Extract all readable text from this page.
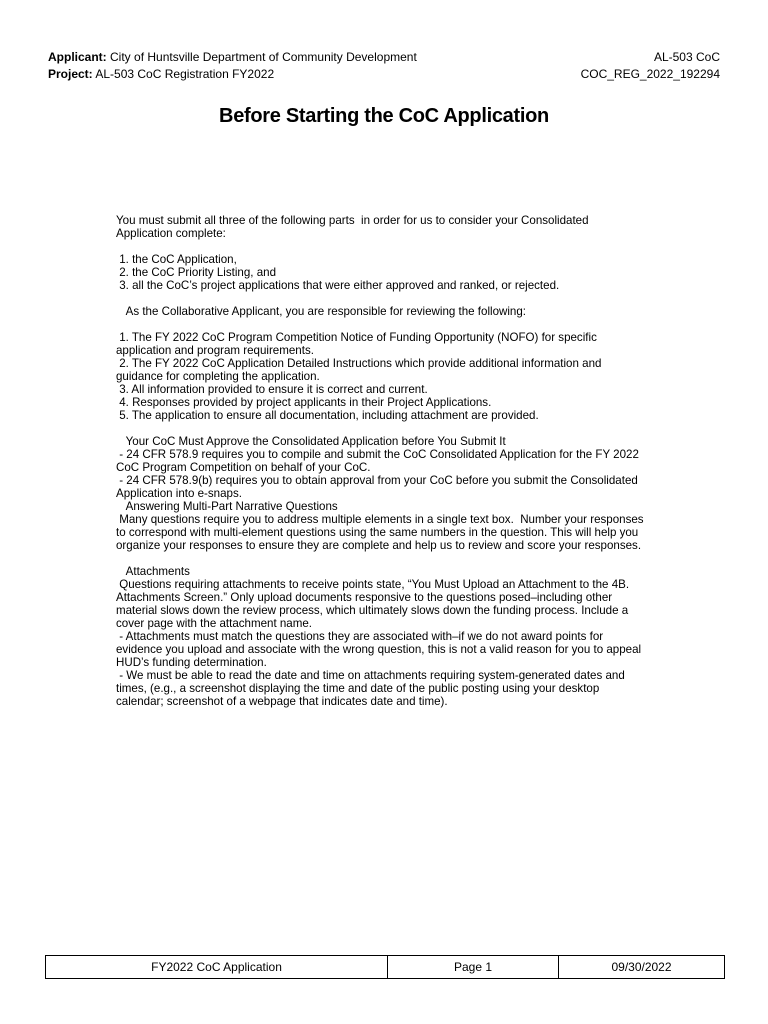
Applicant: City of Huntsville Department of Community Development	AL-503 CoC
Project: AL-503 CoC Registration FY2022	COC_REG_2022_192294
Before Starting the CoC Application

You must submit all three of the following parts  in order for us to consider your Consolidated Application complete:

1. the CoC Application,

2. the CoC Priority Listing, and

3. all the CoC’s project applications that were either approved and ranked, or rejected.

As the Collaborative Applicant, you are responsible for reviewing the following:

1. The FY 2022 CoC Program Competition Notice of Funding Opportunity (NOFO) for specific application and program requirements.

2. The FY 2022 CoC Application Detailed Instructions which provide additional information and guidance for completing the application.

3. All information provided to ensure it is correct and current.

4. Responses provided by project applicants in their Project Applications.

5. The application to ensure all documentation, including attachment are provided.

Your CoC Must Approve the Consolidated Application before You Submit It

- 24 CFR 578.9 requires you to compile and submit the CoC Consolidated Application for the FY 2022 CoC Program Competition on behalf of your CoC.

- 24 CFR 578.9(b) requires you to obtain approval from your CoC before you submit the Consolidated Application into e-snaps.

Answering Multi-Part Narrative Questions

Many questions require you to address multiple elements in a single text box.  Number your responses to correspond with multi-element questions using the same numbers in the question. This will help you organize your responses to ensure they are complete and help us to review and score your responses.

Attachments

Questions requiring attachments to receive points state, “You Must Upload an Attachment to the 4B. Attachments Screen.” Only upload documents responsive to the questions posed–including other material slows down the review process, which ultimately slows down the funding process. Include a cover page with the attachment name.

- Attachments must match the questions they are associated with–if we do not award points for evidence you upload and associate with the wrong question, this is not a valid reason for you to appeal HUD’s funding determination.

- We must be able to read the date and time on attachments requiring system-generated dates and times, (e.g., a screenshot displaying the time and date of the public posting using your desktop calendar; screenshot of a webpage that indicates date and time).

FY2022 CoC Application	Page 1	09/30/2022
